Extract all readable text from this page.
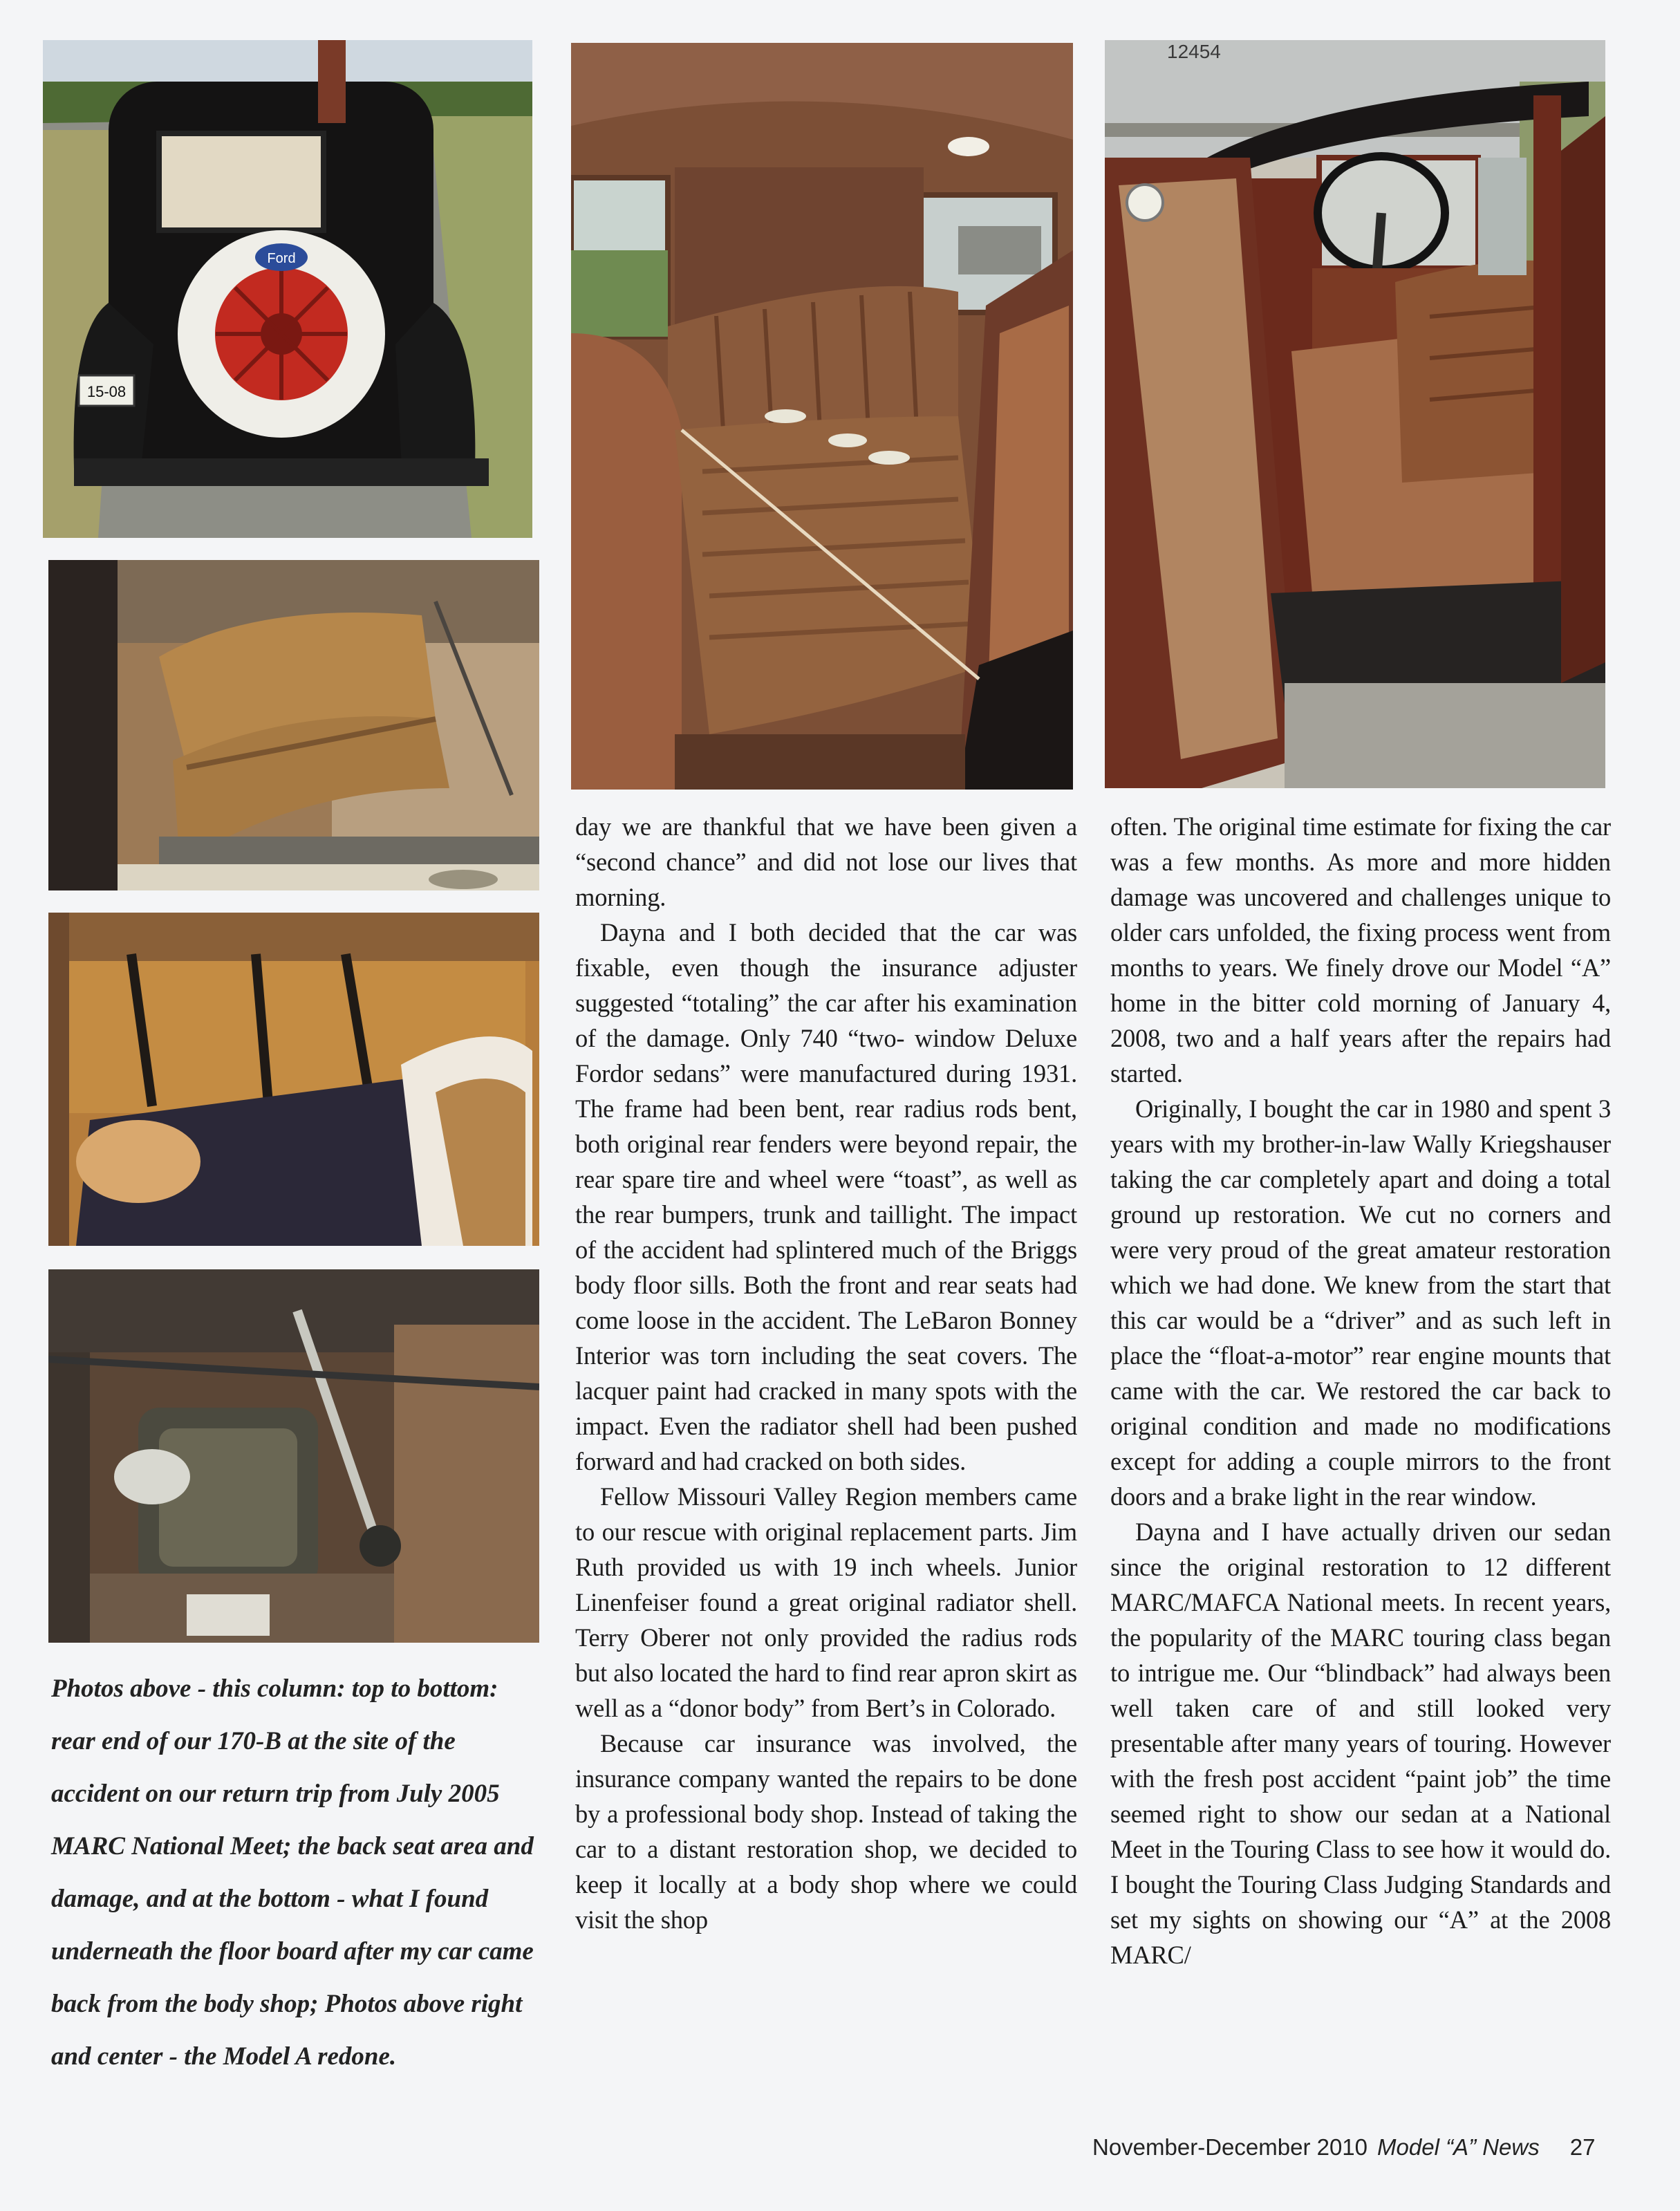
Ford
15-08
12454
Photos above - this column: top to bottom: rear end of our 170-B at the site of the accident on our return trip from July 2005 MARC National Meet; the back seat area and damage, and at the bottom - what I found underneath the floor board after my car came back from the body shop; Photos above right and center - the Model A redone.

day we are thankful that we have been given a “second chance” and did not lose our lives that morning.

Dayna and I both decided that the car was fixable, even though the insurance adjuster suggested “totaling” the car after his examination of the damage. Only 740 “two- window Deluxe Fordor sedans” were manufactured during 1931. The frame had been bent, rear radius rods bent, both original rear fenders were beyond repair, the rear spare tire and wheel were “toast”, as well as the rear bumpers, trunk and taillight. The impact of the accident had splintered much of the Briggs body floor sills. Both the front and rear seats had come loose in the accident. The LeBaron Bonney Interior was torn including the seat covers. The lacquer paint had cracked in many spots with the impact. Even the radiator shell had been pushed forward and had cracked on both sides.

Fellow Missouri Valley Region members came to our rescue with original replacement parts. Jim Ruth provided us with 19 inch wheels. Junior Linenfeiser found a great original radiator shell. Terry Oberer not only provided the radius rods but also located the hard to find rear apron skirt as well as a “donor body” from Bert’s in Colorado.

Because car insurance was involved, the insurance company wanted the repairs to be done by a professional body shop. Instead of taking the car to a distant restoration shop, we decided to keep it locally at a body shop where we could visit the shop

often. The original time estimate for fixing the car was a few months. As more and more hidden damage was uncovered and challenges unique to older cars unfolded, the fixing process went from months to years. We finely drove our Model “A” home in the bitter cold morning of January 4, 2008, two and a half years after the repairs had started.

Originally, I bought the car in 1980 and spent 3 years with my brother-in-law Wally Kriegshauser taking the car completely apart and doing a total ground up restoration. We cut no corners and were very proud of the great amateur restoration which we had done. We knew from the start that this car would be a “driver” and as such left in place the “float-a-motor” rear engine mounts that came with the car. We restored the car back to original condition and made no modifications except for adding a couple mirrors to the front doors and a brake light in the rear window.

Dayna and I have actually driven our sedan since the original restoration to 12 different MARC/MAFCA National meets. In recent years, the popularity of the MARC touring class began to intrigue me. Our “blindback” had always been well taken care of and still looked very presentable after many years of touring. However with the fresh post accident “paint job” the time seemed right to show our sedan at a National Meet in the Touring Class to see how it would do. I bought the Touring Class Judging Standards and set my sights on showing our “A” at the 2008 MARC/

November-December 2010 Model “A” News 27
